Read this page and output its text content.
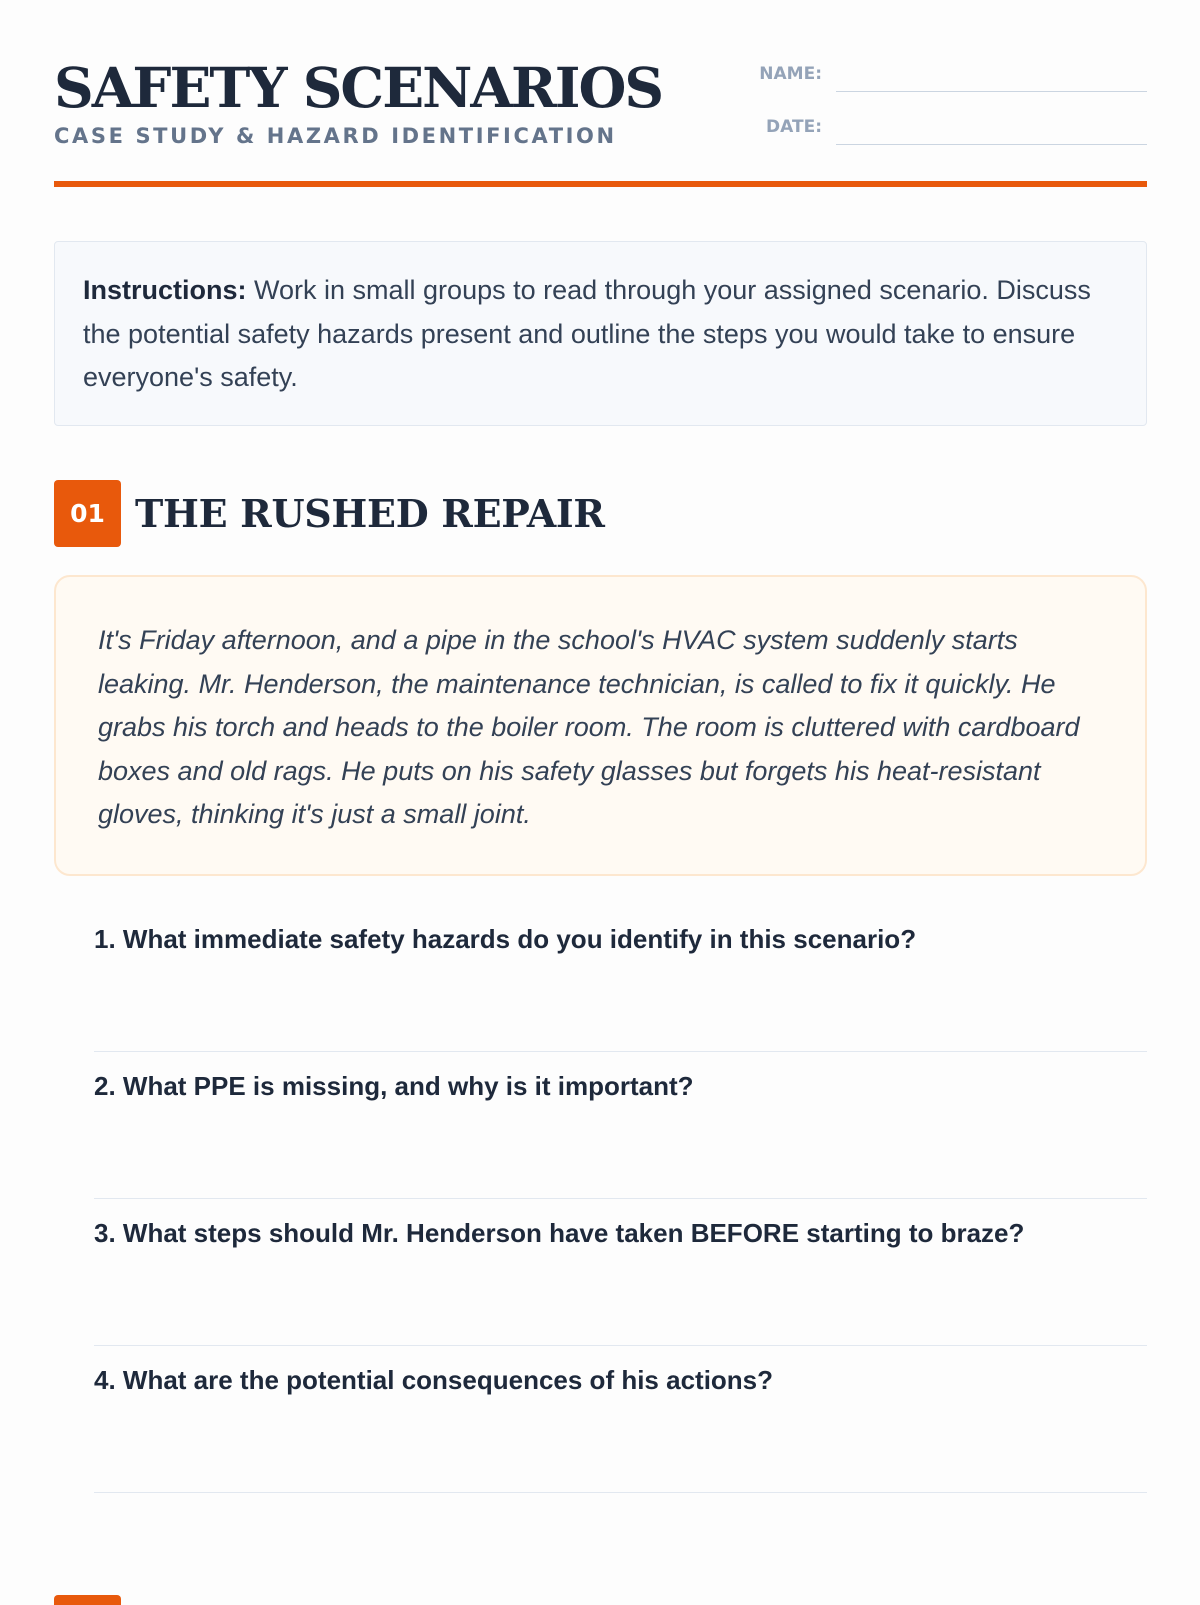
SAFETY SCENARIOS
CASE STUDY & HAZARD IDENTIFICATION
NAME:
DATE:

Instructions: Work in small groups to read through your assigned scenario. Discuss the potential safety hazards present and outline the steps you would take to ensure everyone's safety.

01 THE RUSHED REPAIR

It's Friday afternoon, and a pipe in the school's HVAC system suddenly starts leaking. Mr. Henderson, the maintenance technician, is called to fix it quickly. He grabs his torch and heads to the boiler room. The room is cluttered with cardboard boxes and old rags. He puts on his safety glasses but forgets his heat-resistant gloves, thinking it's just a small joint.

1. What immediate safety hazards do you identify in this scenario?
2. What PPE is missing, and why is it important?
3. What steps should Mr. Henderson have taken BEFORE starting to braze?
4. What are the potential consequences of his actions?
